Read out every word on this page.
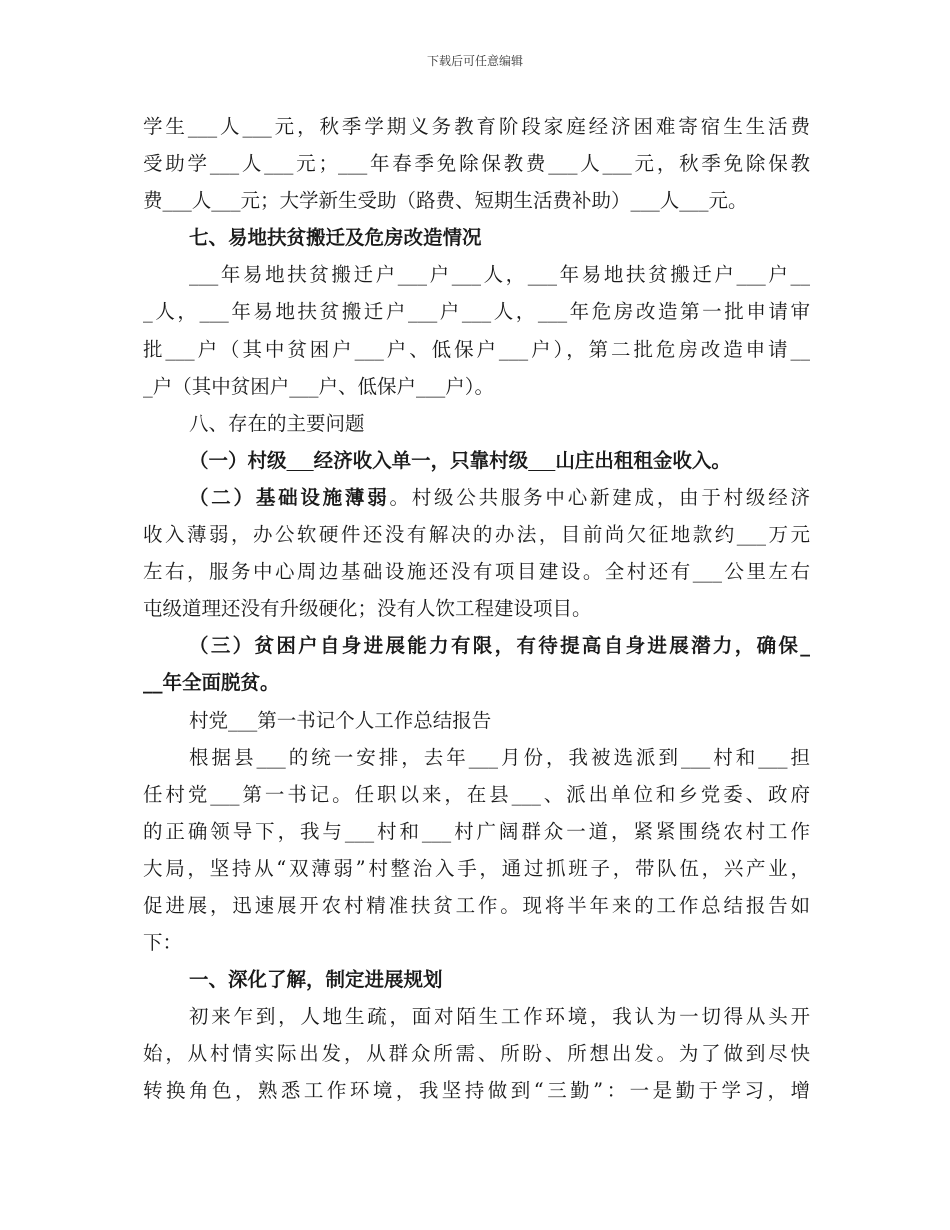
下载后可任意编辑

学生___人___元，秋季学期义务教育阶段家庭经济困难寄宿生生活费

受助学___人___元；___年春季免除保教费___人___元，秋季免除保教

费___人___元；大学新生受助（路费、短期生活费补助）___人___元。

七、易地扶贫搬迁及危房改造情况

___年易地扶贫搬迁户___户___人，___年易地扶贫搬迁户___户__

_人，___年易地扶贫搬迁户___户___人，___年危房改造第一批申请审

批___户（其中贫困户___户、低保户___户），第二批危房改造申请__

_户（其中贫困户___户、低保户___户）。

八、存在的主要问题

（一）村级 经济收入单一，只靠村级 山庄出租租金收入。

（二）基础设施薄弱。村级公共服务中心新建成，由于村级经济

收入薄弱，办公软硬件还没有解决的办法，目前尚欠征地款约___万元

左右，服务中心周边基础设施还没有项目建设。全村还有___公里左右

屯级道理还没有升级硬化；没有人饮工程建设项目。

（三）贫困户自身进展能力有限，有待提高自身进展潜力，确保_

__年全面脱贫。

村党___第一书记个人工作总结报告

根据县___的统一安排，去年___月份，我被选派到___村和___担

任村党___第一书记。任职以来，在县___、派出单位和乡党委、政府

的正确领导下，我与___村和___村广阔群众一道，紧紧围绕农村工作

大局，坚持从“双薄弱”村整治入手，通过抓班子，带队伍，兴产业，

促进展，迅速展开农村精准扶贫工作。现将半年来的工作总结报告如

下：

一、深化了解，制定进展规划

初来乍到，人地生疏，面对陌生工作环境，我认为一切得从头开

始，从村情实际出发，从群众所需、所盼、所想出发。为了做到尽快

转换角色，熟悉工作环境，我坚持做到“三勤”：一是勤于学习，增
